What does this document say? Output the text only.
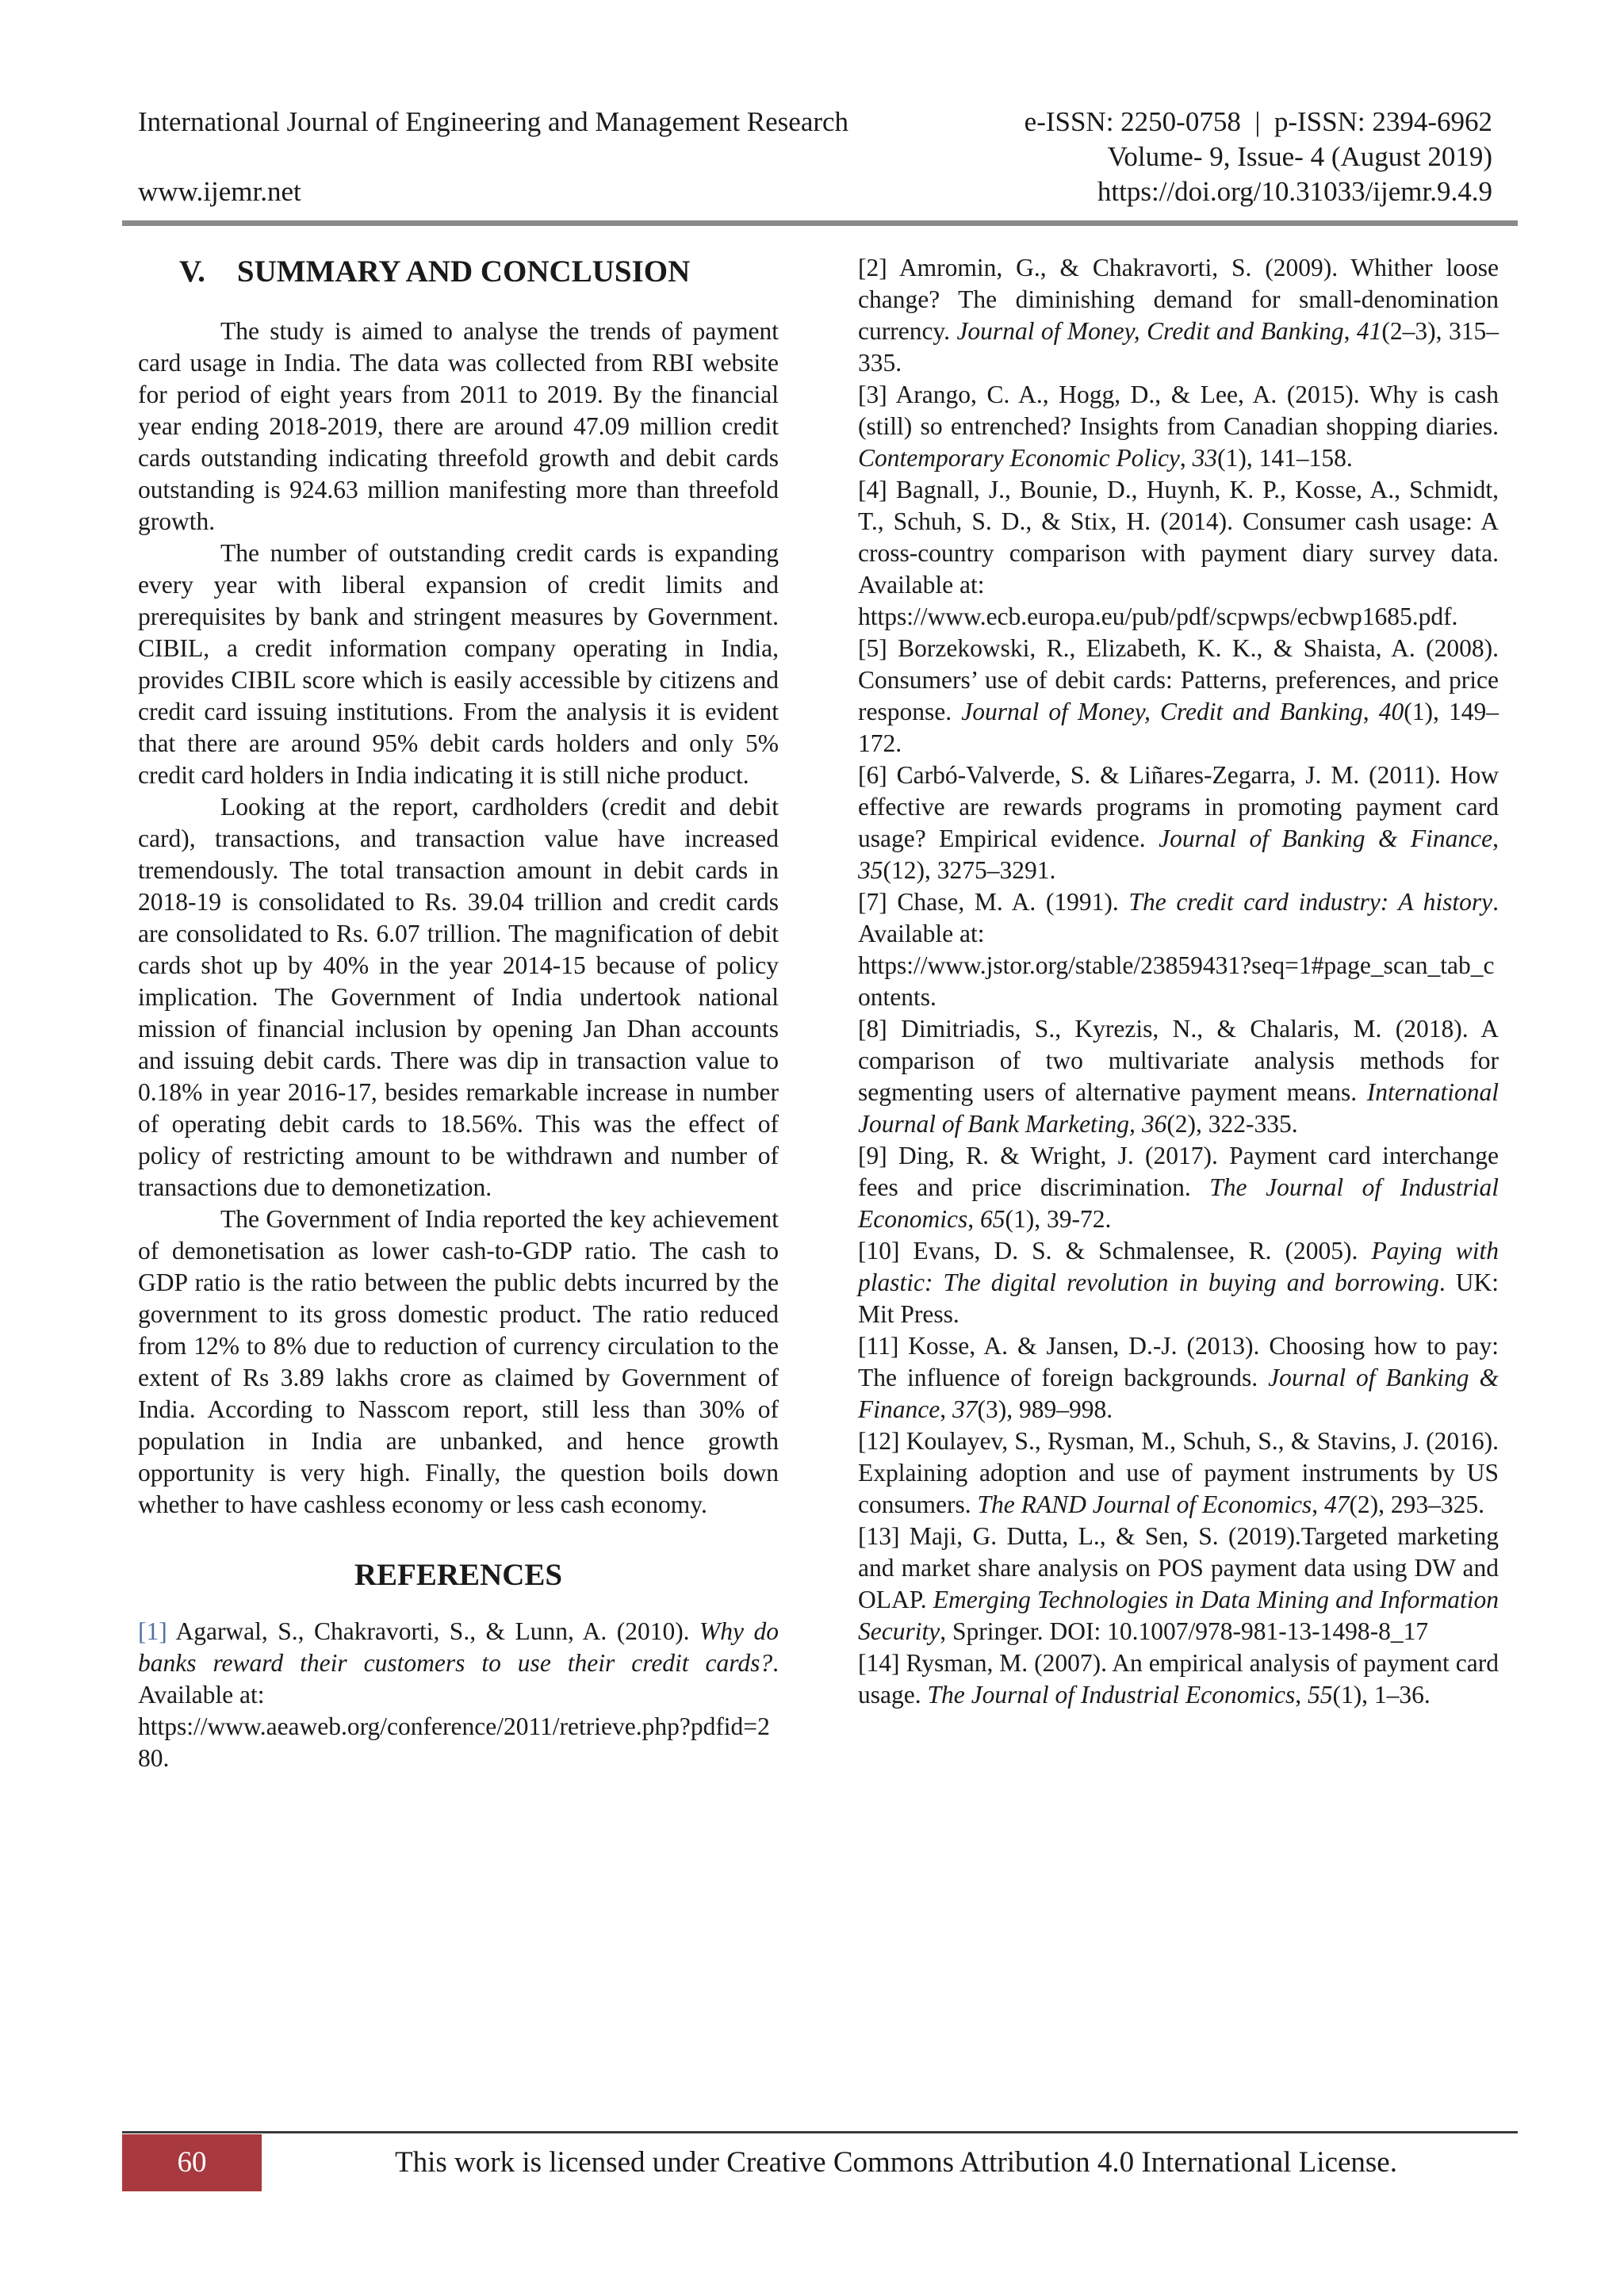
International Journal of Engineering and Management Research	e-ISSN: 2250-0758  |  p-ISSN: 2394-6962
Volume- 9, Issue- 4 (August 2019)
www.ijemr.net	https://doi.org/10.31033/ijemr.9.4.9
V. SUMMARY AND CONCLUSION

The study is aimed to analyse the trends of payment card usage in India. The data was collected from RBI website for period of eight years from 2011 to 2019. By the financial year ending 2018-2019, there are around 47.09 million credit cards outstanding indicating threefold growth and debit cards outstanding is 924.63 million manifesting more than threefold growth.

The number of outstanding credit cards is expanding every year with liberal expansion of credit limits and prerequisites by bank and stringent measures by Government. CIBIL, a credit information company operating in India, provides CIBIL score which is easily accessible by citizens and credit card issuing institutions. From the analysis it is evident that there are around 95% debit cards holders and only 5% credit card holders in India indicating it is still niche product.

Looking at the report, cardholders (credit and debit card), transactions, and transaction value have increased tremendously. The total transaction amount in debit cards in 2018-19 is consolidated to Rs. 39.04 trillion and credit cards are consolidated to Rs. 6.07 trillion. The magnification of debit cards shot up by 40% in the year 2014-15 because of policy implication. The Government of India undertook national mission of financial inclusion by opening Jan Dhan accounts and issuing debit cards. There was dip in transaction value to 0.18% in year 2016-17, besides remarkable increase in number of operating debit cards to 18.56%. This was the effect of policy of restricting amount to be withdrawn and number of transactions due to demonetization.

The Government of India reported the key achievement of demonetisation as lower cash-to-GDP ratio. The cash to GDP ratio is the ratio between the public debts incurred by the government to its gross domestic product. The ratio reduced from 12% to 8% due to reduction of currency circulation to the extent of Rs 3.89 lakhs crore as claimed by Government of India. According to Nasscom report, still less than 30% of population in India are unbanked, and hence growth opportunity is very high. Finally, the question boils down whether to have cashless economy or less cash economy.

REFERENCES

[1] Agarwal, S., Chakravorti, S., & Lunn, A. (2010). Why do banks reward their customers to use their credit cards?. Available at:
https://www.aeaweb.org/conference/2011/retrieve.php?pdfid=280.

[2] Amromin, G., & Chakravorti, S. (2009). Whither loose change? The diminishing demand for small-denomination currency. Journal of Money, Credit and Banking, 41(2–3), 315–335.

[3] Arango, C. A., Hogg, D., & Lee, A. (2015). Why is cash (still) so entrenched? Insights from Canadian shopping diaries. Contemporary Economic Policy, 33(1), 141–158.

[4] Bagnall, J., Bounie, D., Huynh, K. P., Kosse, A., Schmidt, T., Schuh, S. D., & Stix, H. (2014). Consumer cash usage: A cross-country comparison with payment diary survey data. Available at:
https://www.ecb.europa.eu/pub/pdf/scpwps/ecbwp1685.pdf.

[5] Borzekowski, R., Elizabeth, K. K., & Shaista, A. (2008). Consumers’ use of debit cards: Patterns, preferences, and price response. Journal of Money, Credit and Banking, 40(1), 149–172.

[6] Carbó-Valverde, S. & Liñares-Zegarra, J. M. (2011). How effective are rewards programs in promoting payment card usage? Empirical evidence. Journal of Banking & Finance, 35(12), 3275–3291.

[7] Chase, M. A. (1991). The credit card industry: A history. Available at:
https://www.jstor.org/stable/23859431?seq=1#page_scan_tab_contents.

[8] Dimitriadis, S., Kyrezis, N., & Chalaris, M. (2018). A comparison of two multivariate analysis methods for segmenting users of alternative payment means. International Journal of Bank Marketing, 36(2), 322-335.

[9] Ding, R. & Wright, J. (2017). Payment card interchange fees and price discrimination. The Journal of Industrial Economics, 65(1), 39-72.

[10] Evans, D. S. & Schmalensee, R. (2005). Paying with plastic: The digital revolution in buying and borrowing. UK: Mit Press.

[11] Kosse, A. & Jansen, D.-J. (2013). Choosing how to pay: The influence of foreign backgrounds. Journal of Banking & Finance, 37(3), 989–998.

[12] Koulayev, S., Rysman, M., Schuh, S., & Stavins, J. (2016). Explaining adoption and use of payment instruments by US consumers. The RAND Journal of Economics, 47(2), 293–325.

[13] Maji, G. Dutta, L., & Sen, S. (2019).Targeted marketing and market share analysis on POS payment data using DW and OLAP. Emerging Technologies in Data Mining and Information Security, Springer. DOI: 10.1007/978-981-13-1498-8_17

[14] Rysman, M. (2007). An empirical analysis of payment card usage. The Journal of Industrial Economics, 55(1), 1–36.

60	This work is licensed under Creative Commons Attribution 4.0 International License.
